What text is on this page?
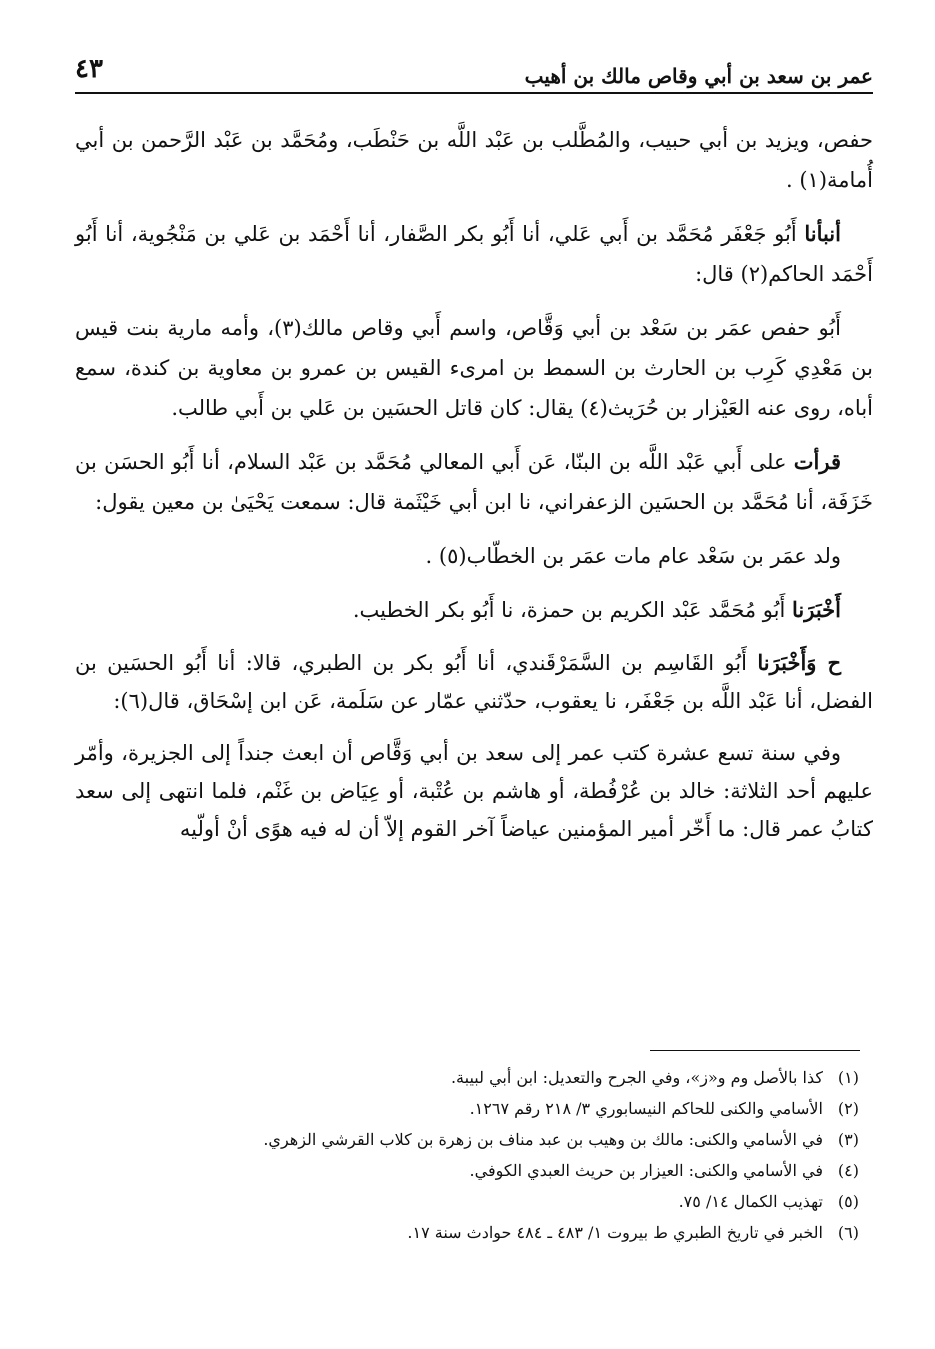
عمر بن سعد بن أبي وقاص مالك بن أهيب
٤٣

حفص، ويزيد بن أبي حبيب، والمُطَّلب بن عَبْد اللَّه بن حَنْطَب، ومُحَمَّد بن عَبْد الرَّحمن بن أبي أُمامة(١) .

أنبأنا أَبُو جَعْفَر مُحَمَّد بن أَبي عَلي، أنا أَبُو بكر الصَّفار، أنا أَحْمَد بن عَلي بن مَنْجُوية، أنا أَبُو أَحْمَد الحاكم(٢) قال:

أَبُو حفص عمَر بن سَعْد بن أبي وَقَّاص، واسم أَبي وقاص مالك(٣)، وأمه مارية بنت قيس بن مَعْدِي كَرِب بن الحارث بن السمط بن امرىء القيس بن عمرو بن معاوية بن كندة، سمع أباه، روى عنه العَيْزار بن حُرَيث(٤) يقال: كان قاتل الحسَين بن عَلي بن أَبي طالب.

قرأت على أَبي عَبْد اللَّه بن البنّا، عَن أَبي المعالي مُحَمَّد بن عَبْد السلام، أنا أَبُو الحسَن بن خَزَفَة، أنا مُحَمَّد بن الحسَين الزعفراني، نا ابن أبي خَيْثَمة قال: سمعت يَحْيَىٰ بن معين يقول:

ولد عمَر بن سَعْد عام مات عمَر بن الخطّاب(٥) .

أَخْبَرَنا أَبُو مُحَمَّد عَبْد الكريم بن حمزة، نا أَبُو بكر الخطيب.

ح وَأَخْبَرَنا أَبُو القَاسِم بن السَّمَرْقَندي، أنا أَبُو بكر بن الطبري، قالا: أنا أَبُو الحسَين بن الفضل، أنا عَبْد اللَّه بن جَعْفَر، نا يعقوب، حدّثني عمّار عن سَلَمة، عَن ابن إسْحَاق، قال(٦):

وفي سنة تسع عشرة كتب عمر إلى سعد بن أبي وَقَّاص أن ابعث جنداً إلى الجزيرة، وأمّر عليهم أحد الثلاثة: خالد بن عُرْفُطة، أو هاشم بن عُتْبة، أو عِيَاض بن غَنْم، فلما انتهى إلى سعد كتابُ عمر قال: ما أَخّر أمير المؤمنين عياضاً آخر القوم إلاّ أن له فيه هوًى أنْ أولّيه

(١)كذا بالأصل وم و«ز»، وفي الجرح والتعديل: ابن أبي لبيبة.

(٢)الأسامي والكنى للحاكم النيسابوري ٣/ ٢١٨ رقم ١٢٦٧.

(٣)في الأسامي والكنى: مالك بن وهيب بن عبد مناف بن زهرة بن كلاب القرشي الزهري.

(٤)في الأسامي والكنى: العيزار بن حريث العبدي الكوفي.

(٥)تهذيب الكمال ١٤/ ٧٥.

(٦)الخبر في تاريخ الطبري ط بيروت ١/ ٤٨٣ ـ ٤٨٤ حوادث سنة ١٧.
